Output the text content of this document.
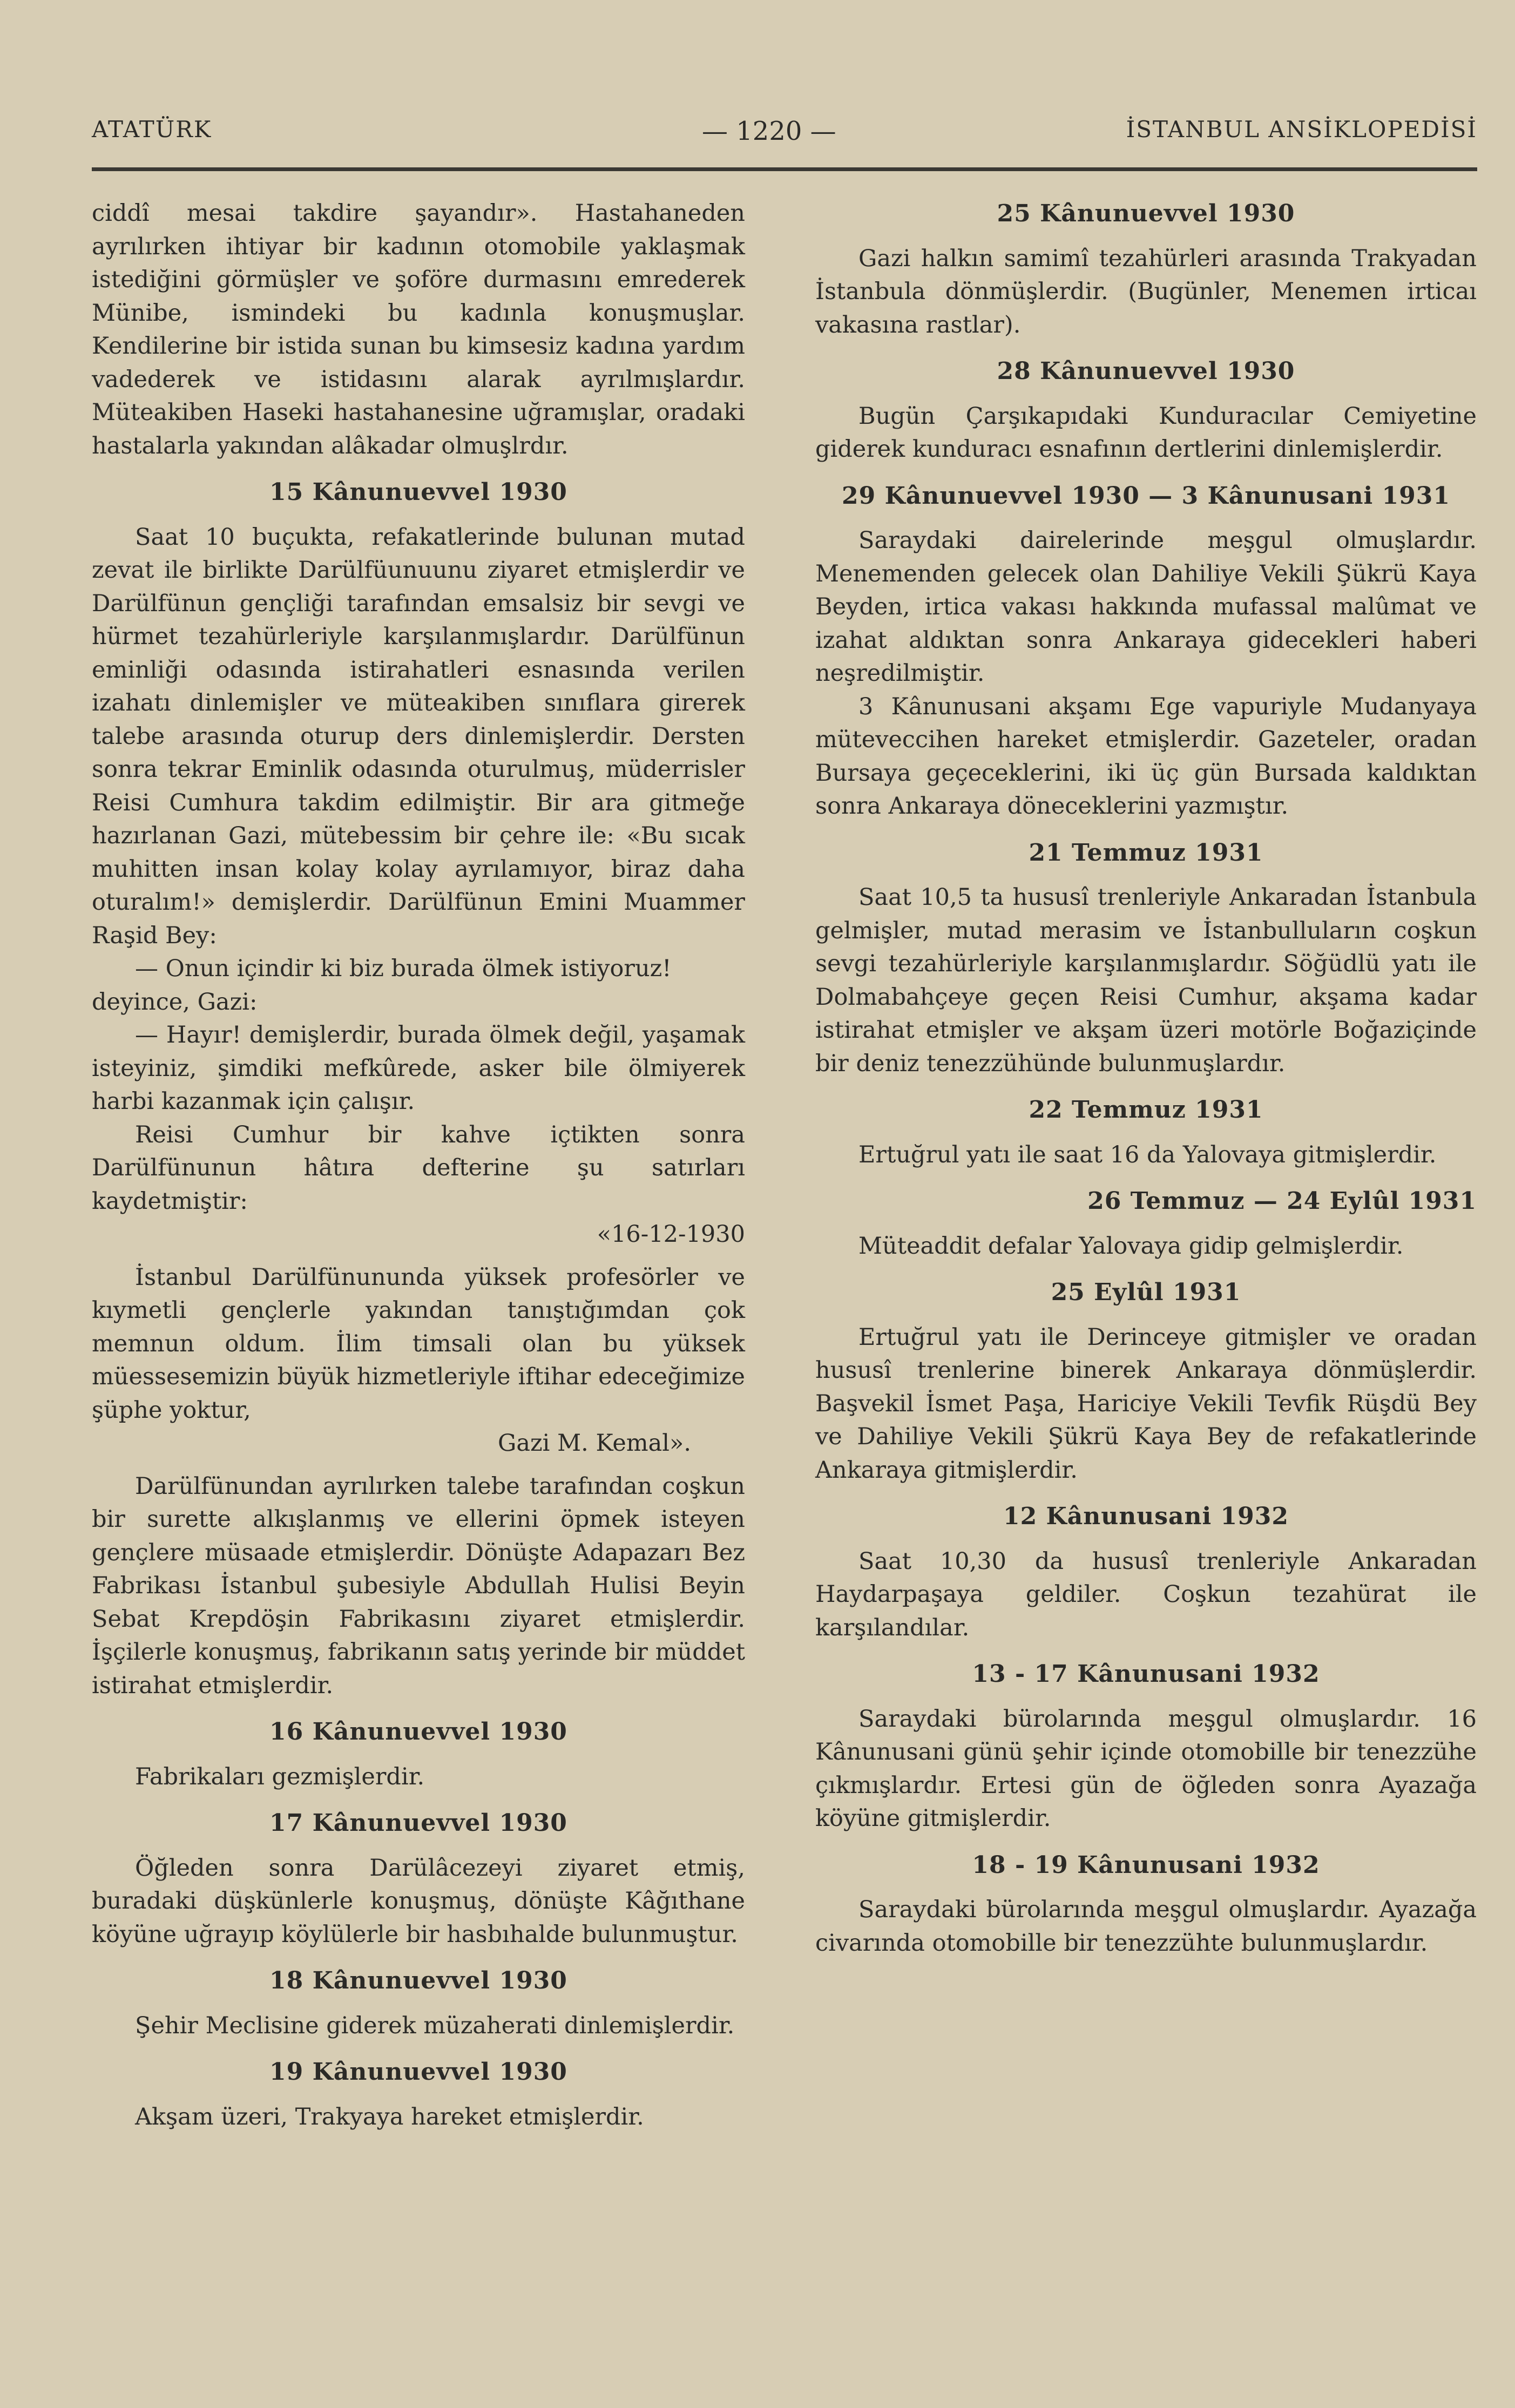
ATATÜRK	— 1220 —	İSTANBUL ANSİKLOPEDİSİ

ciddî mesai takdire şayandır». Hastahaneden ayrılırken ihtiyar bir kadının otomobile yaklaşmak istediğini görmüşler ve şoföre durmasını emrederek Münibe, ismindeki bu kadınla konuşmuşlar. Kendilerine bir istida sunan bu kimsesiz kadına yardım vadederek ve istidasını alarak ayrılmışlardır. Müteakiben Haseki hastahanesine uğramışlar, oradaki hastalarla yakından alâkadar olmuşlrdır.

15 Kânunuevvel 1930

Saat 10 buçukta, refakatlerinde bulunan mutad zevat ile birlikte Darülfüunuunu ziyaret etmişlerdir ve Darülfünun gençliği tarafından emsalsiz bir sevgi ve hürmet tezahürleriyle karşılanmışlardır. Darülfünun eminliği odasında istirahatleri esnasında verilen izahatı dinlemişler ve müteakiben sınıflara girerek talebe arasında oturup ders dinlemişlerdir. Dersten sonra tekrar Eminlik odasında oturulmuş, müderrisler Reisi Cumhura takdim edilmiştir. Bir ara gitmeğe hazırlanan Gazi, mütebessim bir çehre ile: «Bu sıcak muhitten insan kolay kolay ayrılamıyor, biraz daha oturalım!» demişlerdir. Darülfünun Emini Muammer Raşid Bey:

— Onun içindir ki biz burada ölmek istiyoruz!

deyince, Gazi:

— Hayır! demişlerdir, burada ölmek değil, yaşamak isteyiniz, şimdiki mefkûrede, asker bile ölmiyerek harbi kazanmak için çalışır.

Reisi Cumhur bir kahve içtikten sonra Darülfünunun hâtıra defterine şu satırları kaydetmiştir:

«16-12-1930

İstanbul Darülfünununda yüksek profesörler ve kıymetli gençlerle yakından tanıştığımdan çok memnun oldum. İlim timsali olan bu yüksek müessesemizin büyük hizmetleriyle iftihar edeceğimize şüphe yoktur,

Gazi M. Kemal».

Darülfünundan ayrılırken talebe tarafından coşkun bir surette alkışlanmış ve ellerini öpmek isteyen gençlere müsaade etmişlerdir. Dönüşte Adapazarı Bez Fabrikası İstanbul şubesiyle Abdullah Hulisi Beyin Sebat Krepdöşin Fabrikasını ziyaret etmişlerdir. İşçilerle konuşmuş, fabrikanın satış yerinde bir müddet istirahat etmişlerdir.

16 Kânunuevvel 1930

Fabrikaları gezmişlerdir.

17 Kânunuevvel 1930

Öğleden sonra Darülâcezeyi ziyaret etmiş, buradaki düşkünlerle konuşmuş, dönüşte Kâğıthane köyüne uğrayıp köylülerle bir hasbıhalde bulunmuştur.

18 Kânunuevvel 1930

Şehir Meclisine giderek müzaherati dinlemişlerdir.

19 Kânunuevvel 1930

Akşam üzeri, Trakyaya hareket etmişlerdir.

25 Kânunuevvel 1930

Gazi halkın samimî tezahürleri arasında Trakyadan İstanbula dönmüşlerdir. (Bugünler, Menemen irticaı vakasına rastlar).

28 Kânunuevvel 1930

Bugün Çarşıkapıdaki Kunduracılar Cemiyetine giderek kunduracı esnafının dertlerini dinlemişlerdir.

29 Kânunuevvel 1930 — 3 Kânunusani 1931

Saraydaki dairelerinde meşgul olmuşlardır. Menemenden gelecek olan Dahiliye Vekili Şükrü Kaya Beyden, irtica vakası hakkında mufassal malûmat ve izahat aldıktan sonra Ankaraya gidecekleri haberi neşredilmiştir.

3 Kânunusani akşamı Ege vapuriyle Mudanyaya müteveccihen hareket etmişlerdir. Gazeteler, oradan Bursaya geçeceklerini, iki üç gün Bursada kaldıktan sonra Ankaraya döneceklerini yazmıştır.

21 Temmuz 1931

Saat 10,5 ta hususî trenleriyle Ankaradan İstanbula gelmişler, mutad merasim ve İstanbulluların coşkun sevgi tezahürleriyle karşılanmışlardır. Söğüdlü yatı ile Dolmabahçeye geçen Reisi Cumhur, akşama kadar istirahat etmişler ve akşam üzeri motörle Boğaziçinde bir deniz tenezzühünde bulunmuşlardır.

22 Temmuz 1931

Ertuğrul yatı ile saat 16 da Yalovaya gitmişlerdir.

26 Temmuz — 24 Eylûl 1931

Müteaddit defalar Yalovaya gidip gelmişlerdir.

25 Eylûl 1931

Ertuğrul yatı ile Derinceye gitmişler ve oradan hususî trenlerine binerek Ankaraya dönmüşlerdir. Başvekil İsmet Paşa, Hariciye Vekili Tevfik Rüşdü Bey ve Dahiliye Vekili Şükrü Kaya Bey de refakatlerinde Ankaraya gitmişlerdir.

12 Kânunusani 1932

Saat 10,30 da hususî trenleriyle Ankaradan Haydarpaşaya geldiler. Coşkun tezahürat ile karşılandılar.

13 - 17 Kânunusani 1932

Saraydaki bürolarında meşgul olmuşlardır. 16 Kânunusani günü şehir içinde otomobille bir tenezzühe çıkmışlardır. Ertesi gün de öğleden sonra Ayazağa köyüne gitmişlerdir.

18 - 19 Kânunusani 1932

Saraydaki bürolarında meşgul olmuşlardır. Ayazağa civarında otomobille bir tenezzühte bulunmuşlardır.
